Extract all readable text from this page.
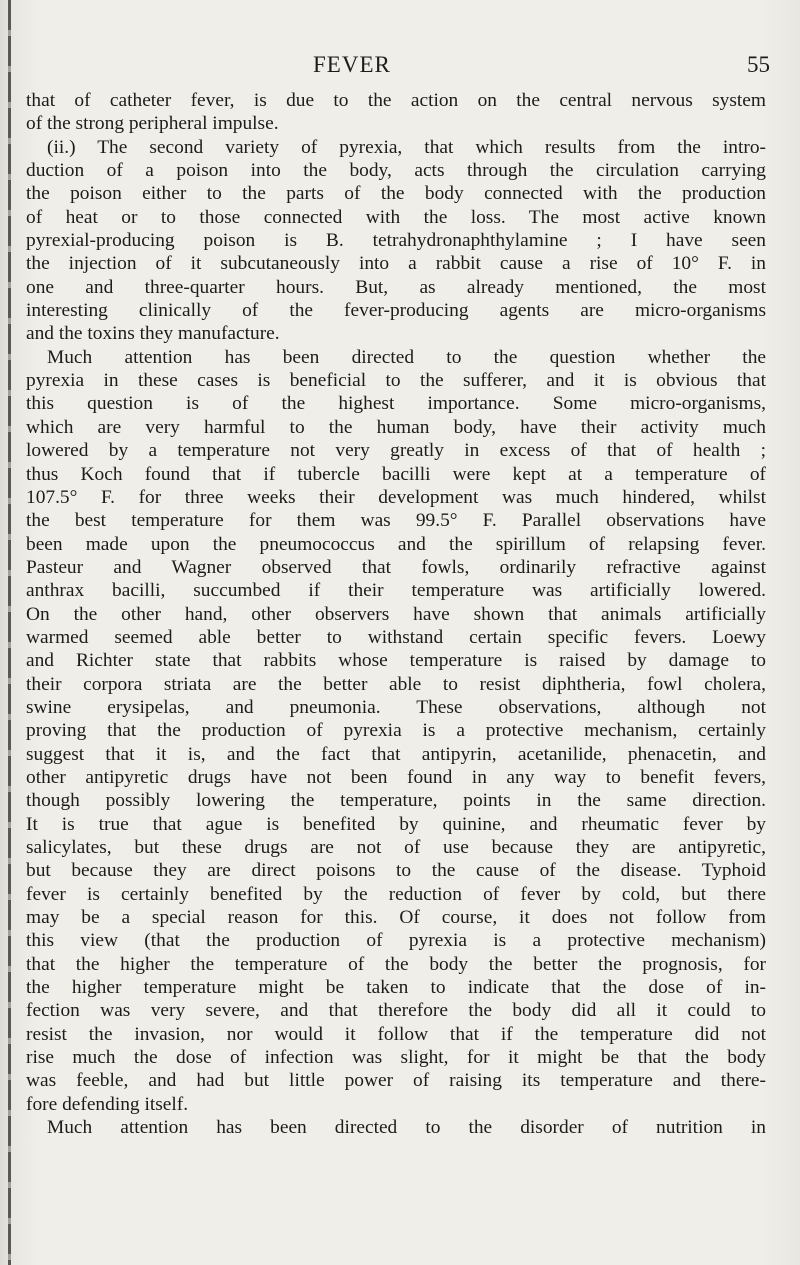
FEVER	55
that of catheter fever, is due to the action on the central nervous system
of the strong peripheral impulse.
(ii.) The second variety of pyrexia, that which results from the intro-
duction of a poison into the body, acts through the circulation carrying
the poison either to the parts of the body connected with the production
of heat or to those connected with the loss. The most active known
pyrexial-producing poison is B. tetrahydronaphthylamine ; I have seen
the injection of it subcutaneously into a rabbit cause a rise of 10° F. in
one and three-quarter hours. But, as already mentioned, the most
interesting clinically of the fever-producing agents are micro-organisms
and the toxins they manufacture.
Much attention has been directed to the question whether the
pyrexia in these cases is beneficial to the sufferer, and it is obvious that
this question is of the highest importance. Some micro-organisms,
which are very harmful to the human body, have their activity much
lowered by a temperature not very greatly in excess of that of health ;
thus Koch found that if tubercle bacilli were kept at a temperature of
107.5° F. for three weeks their development was much hindered, whilst
the best temperature for them was 99.5° F. Parallel observations have
been made upon the pneumococcus and the spirillum of relapsing fever.
Pasteur and Wagner observed that fowls, ordinarily refractive against
anthrax bacilli, succumbed if their temperature was artificially lowered.
On the other hand, other observers have shown that animals artificially
warmed seemed able better to withstand certain specific fevers. Loewy
and Richter state that rabbits whose temperature is raised by damage to
their corpora striata are the better able to resist diphtheria, fowl cholera,
swine erysipelas, and pneumonia. These observations, although not
proving that the production of pyrexia is a protective mechanism, certainly
suggest that it is, and the fact that antipyrin, acetanilide, phenacetin, and
other antipyretic drugs have not been found in any way to benefit fevers,
though possibly lowering the temperature, points in the same direction.
It is true that ague is benefited by quinine, and rheumatic fever by
salicylates, but these drugs are not of use because they are antipyretic,
but because they are direct poisons to the cause of the disease. Typhoid
fever is certainly benefited by the reduction of fever by cold, but there
may be a special reason for this. Of course, it does not follow from
this view (that the production of pyrexia is a protective mechanism)
that the higher the temperature of the body the better the prognosis, for
the higher temperature might be taken to indicate that the dose of in-
fection was very severe, and that therefore the body did all it could to
resist the invasion, nor would it follow that if the temperature did not
rise much the dose of infection was slight, for it might be that the body
was feeble, and had but little power of raising its temperature and there-
fore defending itself.
Much attention has been directed to the disorder of nutrition in
